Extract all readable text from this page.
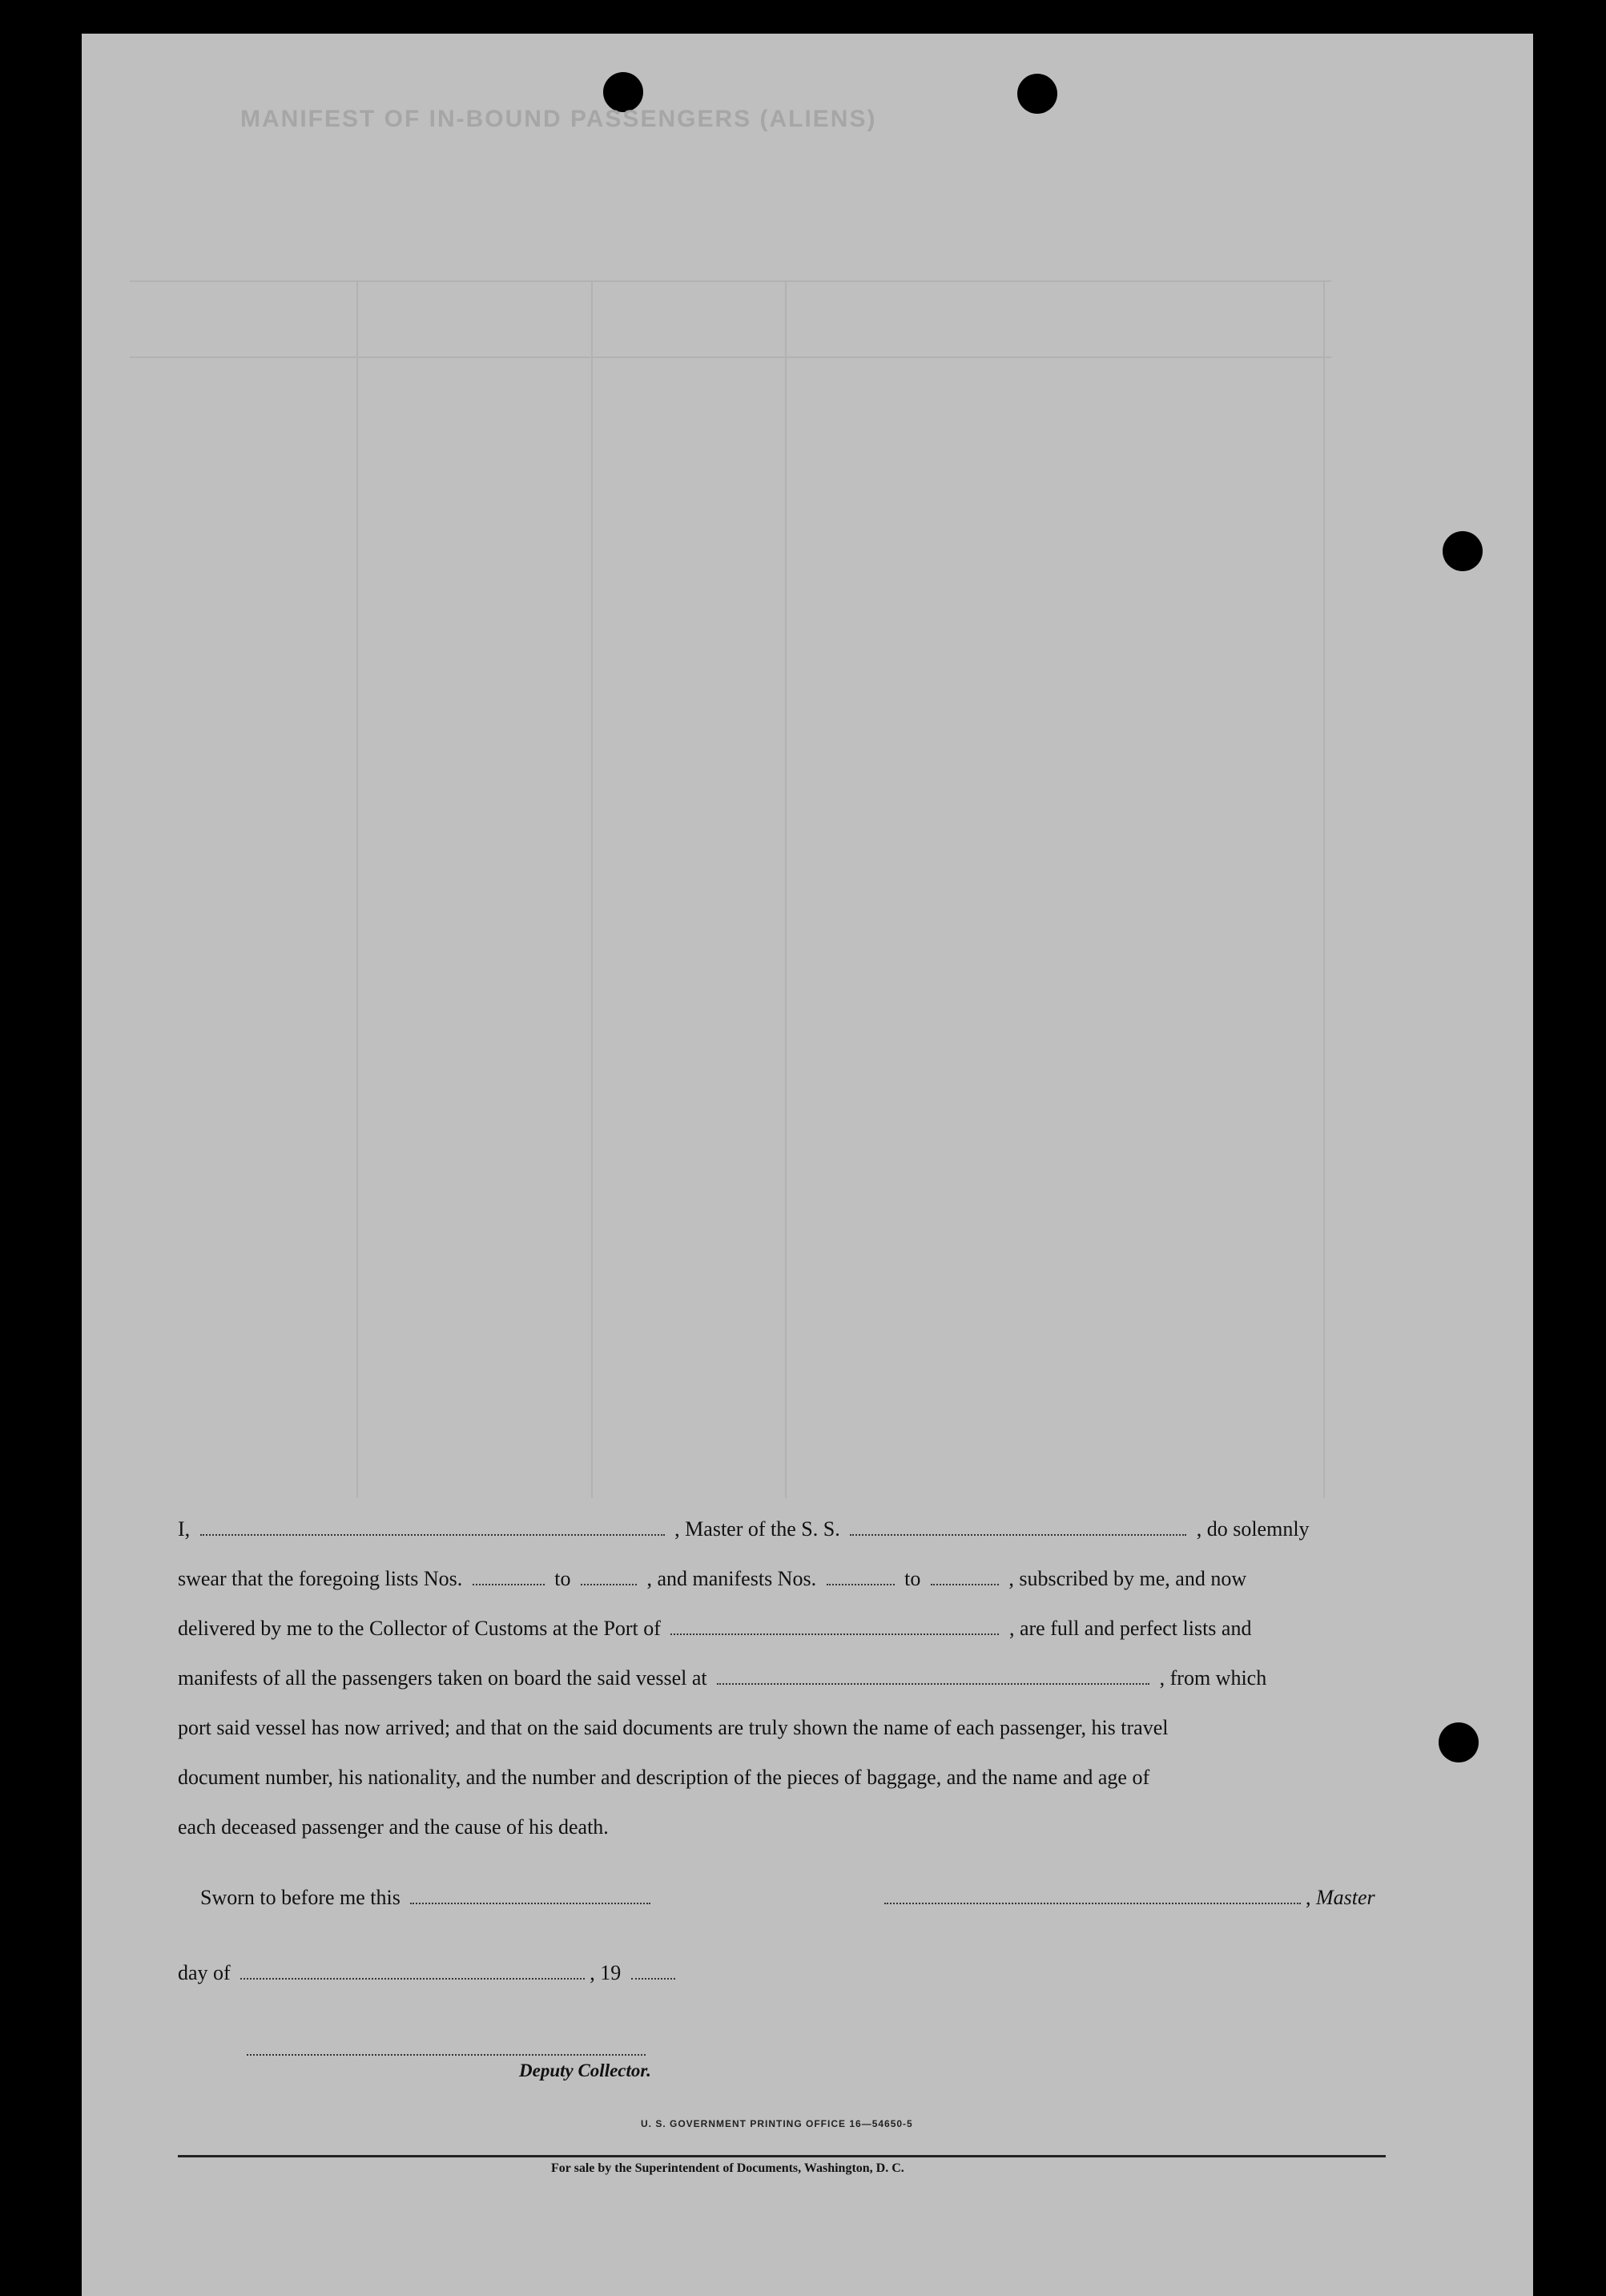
MANIFEST OF IN-BOUND PASSENGERS (ALIENS)

I,	, Master of the S. S.	, do solemnly

swear that the foregoing lists Nos.	to	, and manifests Nos.	to	, subscribed by me, and now

delivered by me to the Collector of Customs at the Port of	, are full and perfect lists and

manifests of all the passengers taken on board the said vessel at	, from which

port said vessel has now arrived; and that on the said documents are truly shown the name of each passenger, his travel

document number, his nationality, and the number and description of the pieces of baggage, and the name and age of

each deceased passenger and the cause of his death.

Sworn to before me this	, Master
day of	, 19
Deputy Collector.
U. S. GOVERNMENT PRINTING OFFICE 16—54650-5
For sale by the Superintendent of Documents, Washington, D. C.
